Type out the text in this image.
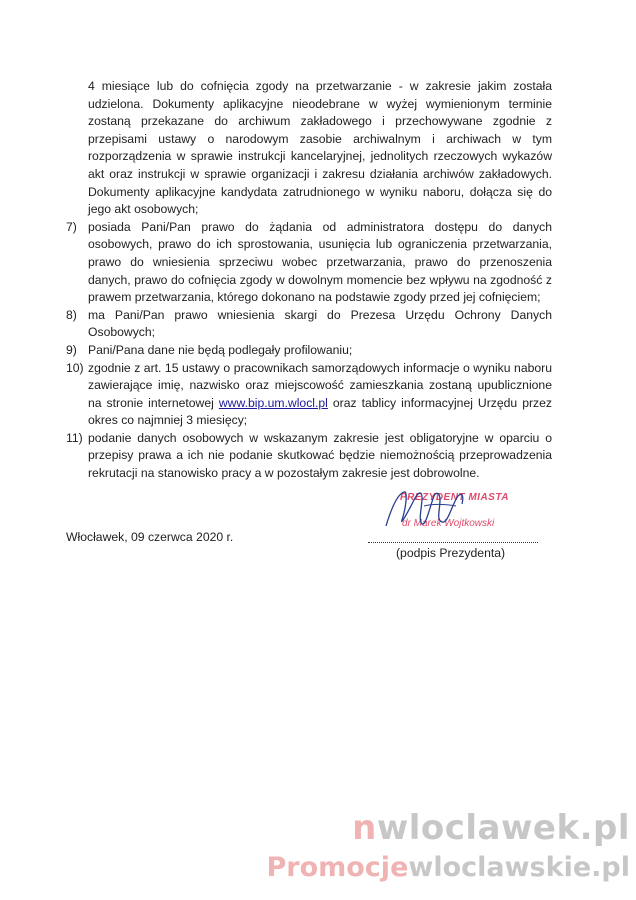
4 miesiące lub do cofnięcia zgody na przetwarzanie - w zakresie jakim została udzielona. Dokumenty aplikacyjne nieodebrane w wyżej wymienionym terminie zostaną przekazane do archiwum zakładowego i przechowywane zgodnie z przepisami ustawy o narodowym zasobie archiwalnym i archiwach w tym rozporządzenia w sprawie instrukcji kancelaryjnej, jednolitych rzeczowych wykazów akt oraz instrukcji w sprawie organizacji i zakresu działania archiwów zakładowych. Dokumenty aplikacyjne kandydata zatrudnionego w wyniku naboru, dołącza się do jego akt osobowych;

7) posiada Pani/Pan prawo do żądania od administratora dostępu do danych osobowych, prawo do ich sprostowania, usunięcia lub ograniczenia przetwarzania, prawo do wniesienia sprzeciwu wobec przetwarzania, prawo do przenoszenia danych, prawo do cofnięcia zgody w dowolnym momencie bez wpływu na zgodność z prawem przetwarzania, którego dokonano na podstawie zgody przed jej cofnięciem;
8) ma Pani/Pan prawo wniesienia skargi do Prezesa Urzędu Ochrony Danych Osobowych;
9) Pani/Pana dane nie będą podlegały profilowaniu;
10) zgodnie z art. 15 ustawy o pracownikach samorządowych informacje o wyniku naboru zawierające imię, nazwisko oraz miejscowość zamieszkania zostaną upublicznione na stronie internetowej www.bip.um.wlocl.pl oraz tablicy informacyjnej Urzędu przez okres co najmniej 3 miesięcy;
11) podanie danych osobowych w wskazanym zakresie jest obligatoryjne w oparciu o przepisy prawa a ich nie podanie skutkować będzie niemożnością przeprowadzenia rekrutacji na stanowisko pracy a w pozostałym zakresie jest dobrowolne.
PREZYDENT MIASTA
dr Marek Wojtkowski
Włocławek, 09 czerwca 2020 r.
(podpis Prezydenta)
nwloclawek.pl
Promocjewloclawskie.pl
